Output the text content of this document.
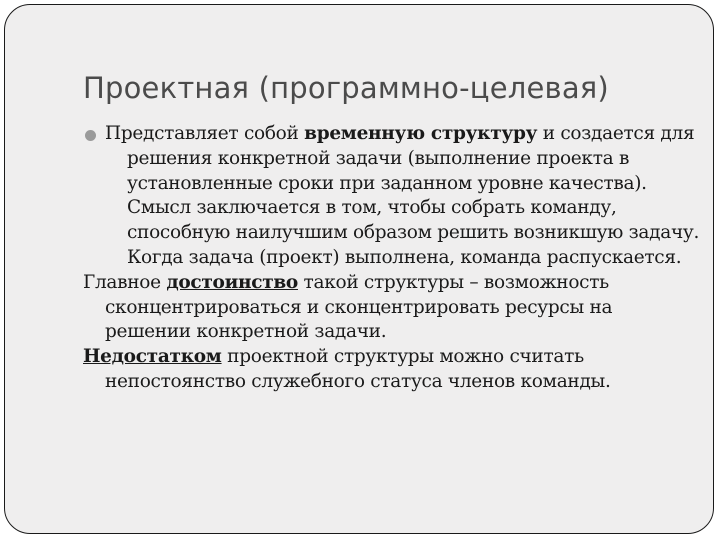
Проектная (программно-целевая)

Представляет собой временную структуру и создается для решения конкретной задачи (выполнение проекта в установленные сроки при заданном уровне качества). Смысл заключается в том, чтобы собрать команду, способную наилучшим образом решить возникшую задачу. Когда задача (проект) выполнена, команда распускается.

Главное достоинство такой структуры – возможность сконцентрироваться и сконцентрировать ресурсы на решении конкретной задачи.

Недостатком проектной структуры можно считать непостоянство служебного статуса членов команды.
